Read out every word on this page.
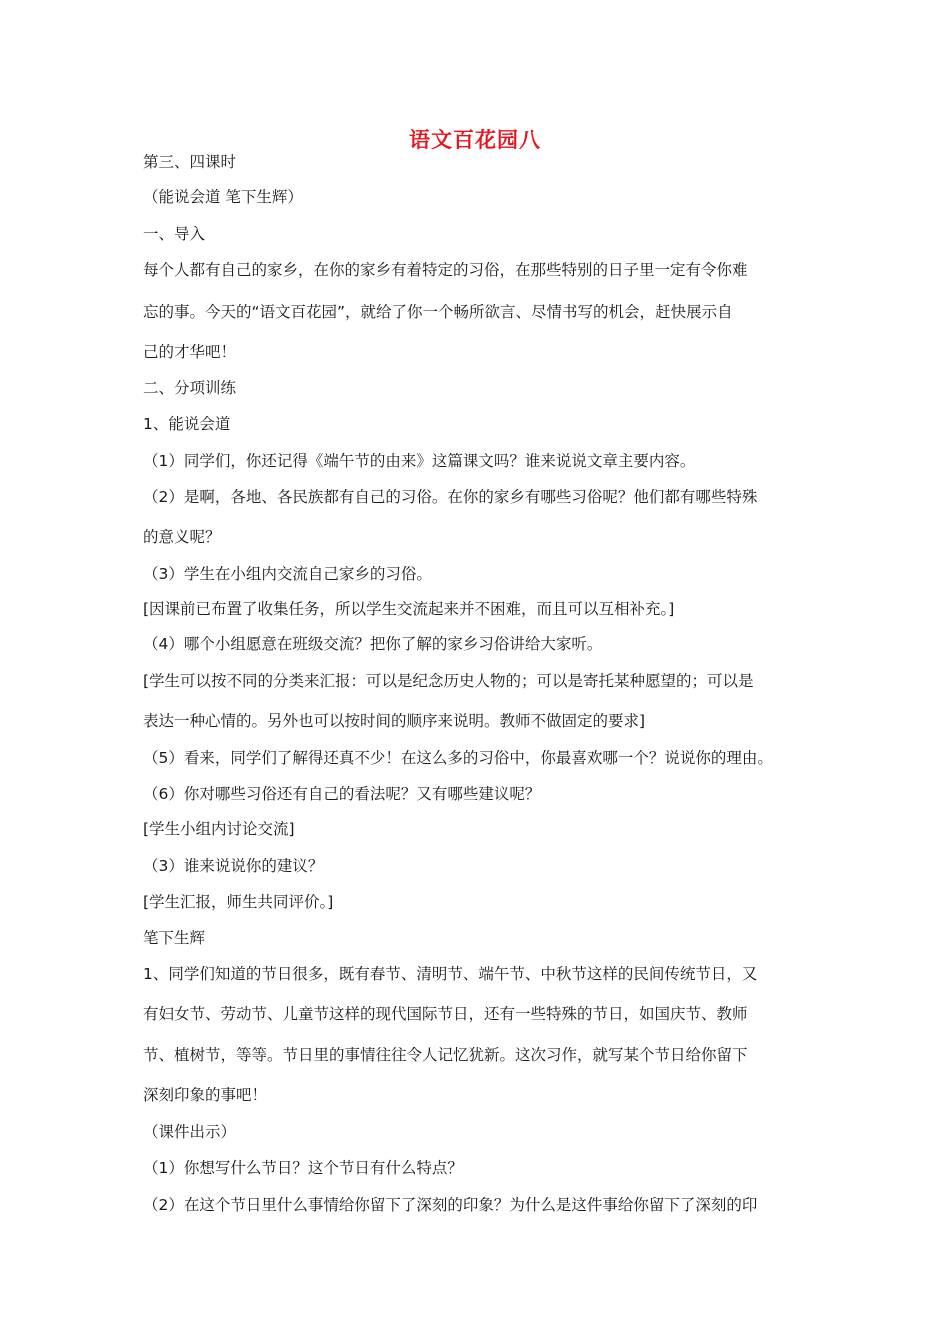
语文百花园八
第三、四课时
（能说会道 笔下生辉）
一、导入
每个人都有自己的家乡，在你的家乡有着特定的习俗，在那些特别的日子里一定有令你难
忘的事。今天的“语文百花园”，就给了你一个畅所欲言、尽情书写的机会，赶快展示自
己的才华吧！
二、分项训练
1、能说会道
（1）同学们，你还记得《端午节的由来》这篇课文吗？谁来说说文章主要内容。
（2）是啊，各地、各民族都有自己的习俗。在你的家乡有哪些习俗呢？他们都有哪些特殊
的意义呢？
（3）学生在小组内交流自己家乡的习俗。
[因课前已布置了收集任务，所以学生交流起来并不困难，而且可以互相补充。]
（4）哪个小组愿意在班级交流？把你了解的家乡习俗讲给大家听。
[学生可以按不同的分类来汇报：可以是纪念历史人物的；可以是寄托某种愿望的；可以是
表达一种心情的。另外也可以按时间的顺序来说明。教师不做固定的要求]
（5）看来，同学们了解得还真不少！在这么多的习俗中，你最喜欢哪一个？说说你的理由。
（6）你对哪些习俗还有自己的看法呢？又有哪些建议呢？
[学生小组内讨论交流]
（3）谁来说说你的建议？
[学生汇报，师生共同评价。]
笔下生辉
1、同学们知道的节日很多，既有春节、清明节、端午节、中秋节这样的民间传统节日，又
有妇女节、劳动节、儿童节这样的现代国际节日，还有一些特殊的节日，如国庆节、教师
节、植树节，等等。节日里的事情往往令人记忆犹新。这次习作，就写某个节日给你留下
深刻印象的事吧！
（课件出示）
（1）你想写什么节日？这个节日有什么特点？
（2）在这个节日里什么事情给你留下了深刻的印象？为什么是这件事给你留下了深刻的印
